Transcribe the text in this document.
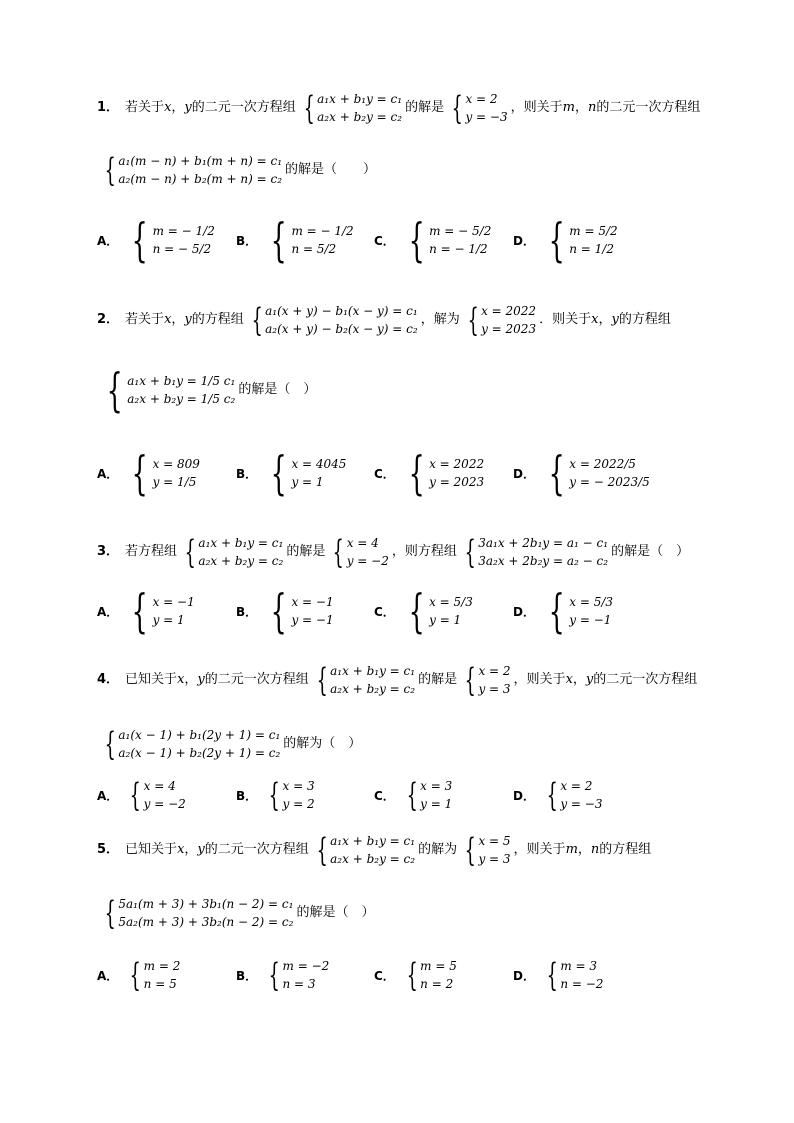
1． 若关于 x ， y 的二元一次方程组 { a₁x + b₁y = c₁
a₂x + b₂y = c₂
的解是 { x = 2
y = −3
，则关于 m ， n 的二元一次方程组
{ a₁(m − n) + b₁(m + n) = c₁
a₂(m − n) + b₂(m + n) = c₂
的解是（　　）
A． { m = − 1/2
n = − 5/2
B． { m = − 1/2
n = 5/2
C． { m = − 5/2
n = − 1/2
D． { m = 5/2
n = 1/2
2． 若关于 x ， y 的方程组 { a₁(x + y) − b₁(x − y) = c₁
a₂(x + y) − b₂(x − y) = c₂
，解为 { x = 2022
y = 2023
．则关于 x ， y 的方程组
{ a₁x + b₁y = 1/5 c₁
a₂x + b₂y = 1/5 c₂
的解是（　）
A． { x = 809
y = 1/5
B． { x = 4045
y = 1
C． { x = 2022
y = 2023
D． { x = 2022/5
y = − 2023/5
3． 若方程组 { a₁x + b₁y = c₁
a₂x + b₂y = c₂
的解是 { x = 4
y = −2
，则方程组 { 3a₁x + 2b₁y = a₁ − c₁
3a₂x + 2b₂y = a₂ − c₂
的解是（　）
A． { x = −1
y = 1
B． { x = −1
y = −1
C． { x = 5/3
y = 1
D． { x = 5/3
y = −1
4． 已知关于 x ， y 的二元一次方程组 { a₁x + b₁y = c₁
a₂x + b₂y = c₂
的解是 { x = 2
y = 3
，则关于 x ， y 的二元一次方程组
{ a₁(x − 1) + b₁(2y + 1) = c₁
a₂(x − 1) + b₂(2y + 1) = c₂
的解为（　）
A． { x = 4
y = −2
B． { x = 3
y = 2
C． { x = 3
y = 1
D． { x = 2
y = −3
5． 已知关于 x ， y 的二元一次方程组 { a₁x + b₁y = c₁
a₂x + b₂y = c₂
的解为 { x = 5
y = 3
，则关于 m ， n 的方程组
{ 5a₁(m + 3) + 3b₁(n − 2) = c₁
5a₂(m + 3) + 3b₂(n − 2) = c₂
的解是（　）
A． { m = 2
n = 5
B． { m = −2
n = 3
C． { m = 5
n = 2
D． { m = 3
n = −2
